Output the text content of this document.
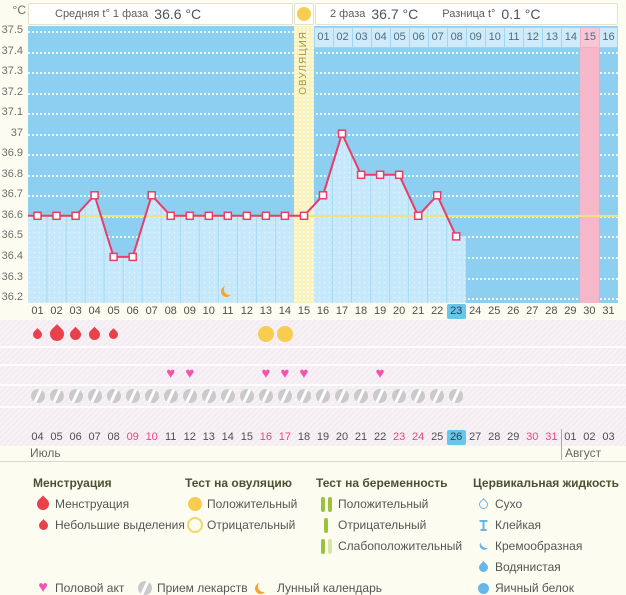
°C
37.5
37.4
37.3
37.2
37.1
37
36.9
36.8
36.7
36.6
36.5
36.4
36.3
36.2
Средняя t° 1 фаза 36.6 °C	2 фаза 36.7 °C Разница t° 0.1 °C
ОВУЛЯЦИЯ
Июль	Август
01 02 03 04 05 06 07 08 09 10 11 12 13 14 15 16
01 02 03 04 05 06 07 08 09 10 11 12 13 14 15 16 17 18 19 20 21 22 23 24 25 26 27 28 29 30 31
♥ ♥	♥ ♥ ♥	♥
04 05 06 07 08 09 10 11 12 13 14 15 16 17 18 19 20 21 22 23 24 25 26 27 28 29 30 31 01 02 03
Менструация
Менструация
Небольшие выделения
Тест на овуляцию
Положительный
Отрицательный
Тест на беременность
Положительный
Отрицательный
Слабоположительный
Цервикальная жидкость
Сухо
Клейкая
Кремообразная
Водянистая
Яичный белок
♥ Половой акт	Прием лекарств Лунный календарь
